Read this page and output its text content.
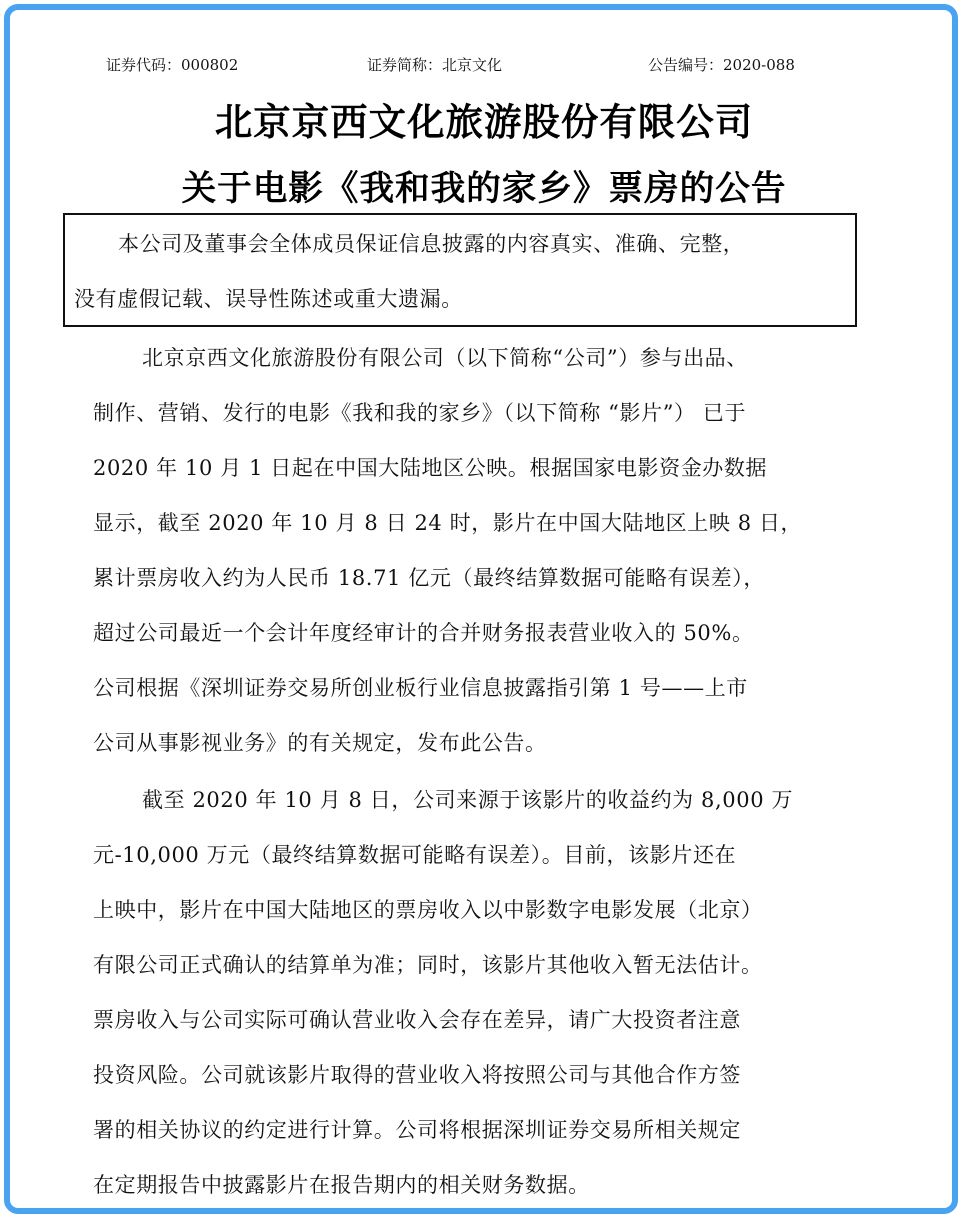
证券代码：000802	证券简称：北京文化	公告编号：2020-088
北京京西文化旅游股份有限公司
关于电影《我和我的家乡》票房的公告
本公司及董事会全体成员保证信息披露的内容真实、准确、完整，
没有虚假记载、误导性陈述或重大遗漏。
北京京西文化旅游股份有限公司（以下简称“公司”）参与出品、
制作、营销、发行的电影《我和我的家乡》（以下简称 “影片”） 已于
2020 年 10 月 1 日起在中国大陆地区公映。根据国家电影资金办数据
显示，截至 2020 年 10 月 8 日 24 时，影片在中国大陆地区上映 8 日，
累计票房收入约为人民币 18.71 亿元（最终结算数据可能略有误差），
超过公司最近一个会计年度经审计的合并财务报表营业收入的 50%。
公司根据《深圳证券交易所创业板行业信息披露指引第 1 号——上市
公司从事影视业务》的有关规定，发布此公告。
截至 2020 年 10 月 8 日，公司来源于该影片的收益约为 8,000 万
元-10,000 万元（最终结算数据可能略有误差）。目前，该影片还在
上映中，影片在中国大陆地区的票房收入以中影数字电影发展（北京）
有限公司正式确认的结算单为准；同时，该影片其他收入暂无法估计。
票房收入与公司实际可确认营业收入会存在差异，请广大投资者注意
投资风险。公司就该影片取得的营业收入将按照公司与其他合作方签
署的相关协议的约定进行计算。公司将根据深圳证券交易所相关规定
在定期报告中披露影片在报告期内的相关财务数据。
